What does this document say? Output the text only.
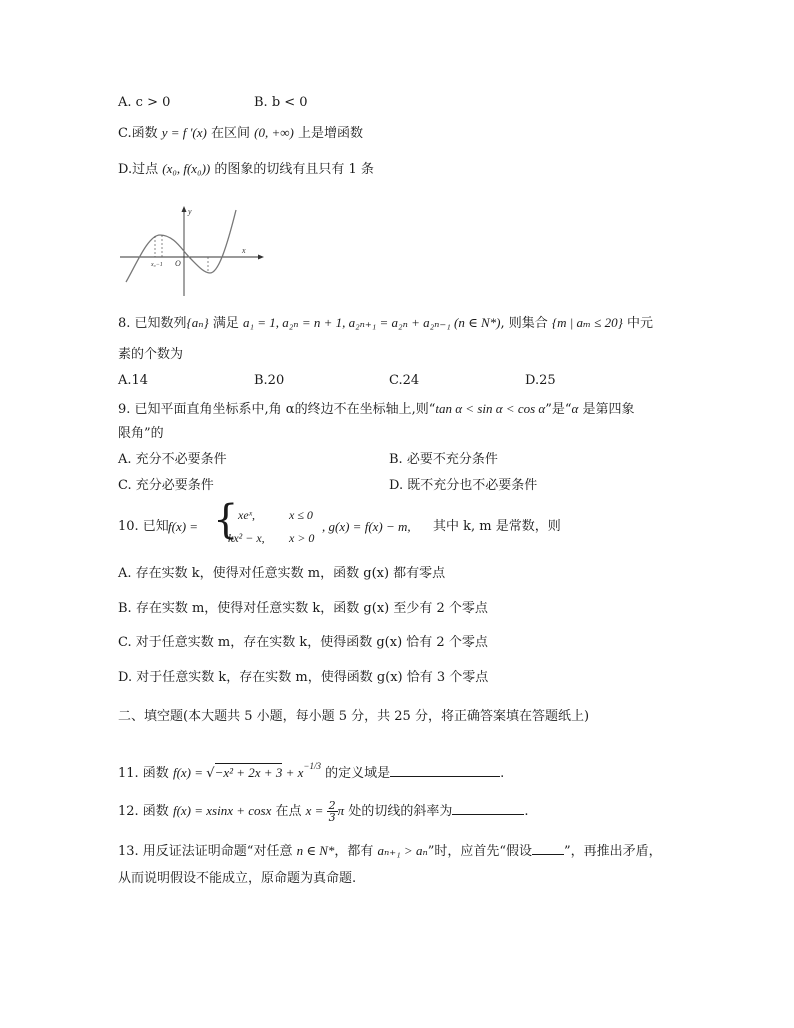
A. c > 0	B. b < 0
C.函数 y = f '(x) 在区间 (0, +∞) 上是增函数
D.过点 (x₀, f(x₀)) 的图象的切线有且只有 1 条
y
x
O
x₀−1
8. 已知数列{aₙ} 满足 a₁ = 1, a₂ₙ = n + 1, a₂ₙ₊₁ = a₂ₙ + a₂ₙ₋₁ (n ∈ N*), 则集合 {m | aₘ ≤ 20} 中元
素的个数为
A.14	B.20	C.24	D.25
9. 已知平面直角坐标系中,角 α的终边不在坐标轴上,则“tan α < sin α < cos α”是“α 是第四象
限角”的
A. 充分不必要条件	B. 必要不充分条件
C. 充分必要条件	D. 既不充分也不必要条件
10. 已知 f(x) = { xeˣ,	x ≤ 0
kx² − x, x > 0
, g(x) = f(x) − m, 其中 k, m 是常数，则
A. 存在实数 k，使得对任意实数 m，函数 g(x) 都有零点
B. 存在实数 m，使得对任意实数 k，函数 g(x) 至少有 2 个零点
C. 对于任意实数 m，存在实数 k，使得函数 g(x) 恰有 2 个零点
D. 对于任意实数 k，存在实数 m，使得函数 g(x) 恰有 3 个零点
二、填空题(本大题共 5 小题，每小题 5 分，共 25 分，将正确答案填在答题纸上)
11. 函数 $f(x) = √-x^2 + 2x + 3 + x^{-1/3}$ 的定义域是	.
12. 函数 f(x) = xsinx + cosx 在点 $x = \frac{2}{3}$ π 处的切线的斜率为	.
13. 用反证法证明命题“对任意 n ∈ N*，都有 aₙ₊₁ > aₙ”时，应首先“假设 ”，再推出矛盾，
从而说明假设不能成立，原命题为真命题.
